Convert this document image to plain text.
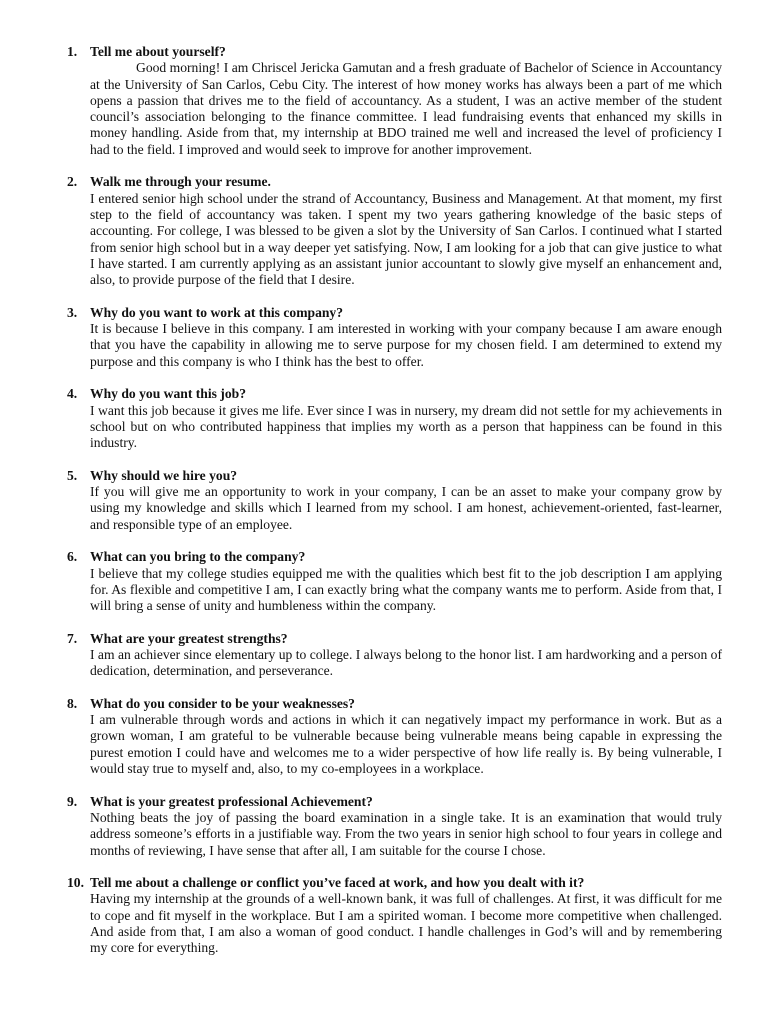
1. Tell me about yourself?
Good morning! I am Chriscel Jericka Gamutan and a fresh graduate of Bachelor of Science in Accountancy at the University of San Carlos, Cebu City. The interest of how money works has always been a part of me which opens a passion that drives me to the field of accountancy. As a student, I was an active member of the student council’s association belonging to the finance committee. I lead fundraising events that enhanced my skills in money handling. Aside from that, my internship at BDO trained me well and increased the level of proficiency I had to the field. I improved and would seek to improve for another improvement.
2. Walk me through your resume.
I entered senior high school under the strand of Accountancy, Business and Management. At that moment, my first step to the field of accountancy was taken. I spent my two years gathering knowledge of the basic steps of accounting. For college, I was blessed to be given a slot by the University of San Carlos. I continued what I started from senior high school but in a way deeper yet satisfying. Now, I am looking for a job that can give justice to what I have started. I am currently applying as an assistant junior accountant to slowly give myself an enhancement and, also, to provide purpose of the field that I desire.
3. Why do you want to work at this company?
It is because I believe in this company. I am interested in working with your company because I am aware enough that you have the capability in allowing me to serve purpose for my chosen field. I am determined to extend my purpose and this company is who I think has the best to offer.
4. Why do you want this job?
I want this job because it gives me life. Ever since I was in nursery, my dream did not settle for my achievements in school but on who contributed happiness that implies my worth as a person that happiness can be found in this industry.
5. Why should we hire you?
If you will give me an opportunity to work in your company, I can be an asset to make your company grow by using my knowledge and skills which I learned from my school. I am honest, achievement-oriented, fast-learner, and responsible type of an employee.
6. What can you bring to the company?
I believe that my college studies equipped me with the qualities which best fit to the job description I am applying for. As flexible and competitive I am, I can exactly bring what the company wants me to perform. Aside from that, I will bring a sense of unity and humbleness within the company.
7. What are your greatest strengths?
I am an achiever since elementary up to college. I always belong to the honor list. I am hardworking and a person of dedication, determination, and perseverance.
8. What do you consider to be your weaknesses?
I am vulnerable through words and actions in which it can negatively impact my performance in work. But as a grown woman, I am grateful to be vulnerable because being vulnerable means being capable in expressing the purest emotion I could have and welcomes me to a wider perspective of how life really is. By being vulnerable, I would stay true to myself and, also, to my co-employees in a workplace.
9. What is your greatest professional Achievement?
Nothing beats the joy of passing the board examination in a single take. It is an examination that would truly address someone’s efforts in a justifiable way. From the two years in senior high school to four years in college and months of reviewing, I have sense that after all, I am suitable for the course I chose.
10. Tell me about a challenge or conflict you’ve faced at work, and how you dealt with it?
Having my internship at the grounds of a well-known bank, it was full of challenges. At first, it was difficult for me to cope and fit myself in the workplace. But I am a spirited woman. I become more competitive when challenged. And aside from that, I am also a woman of good conduct. I handle challenges in God’s will and by remembering my core for everything.
